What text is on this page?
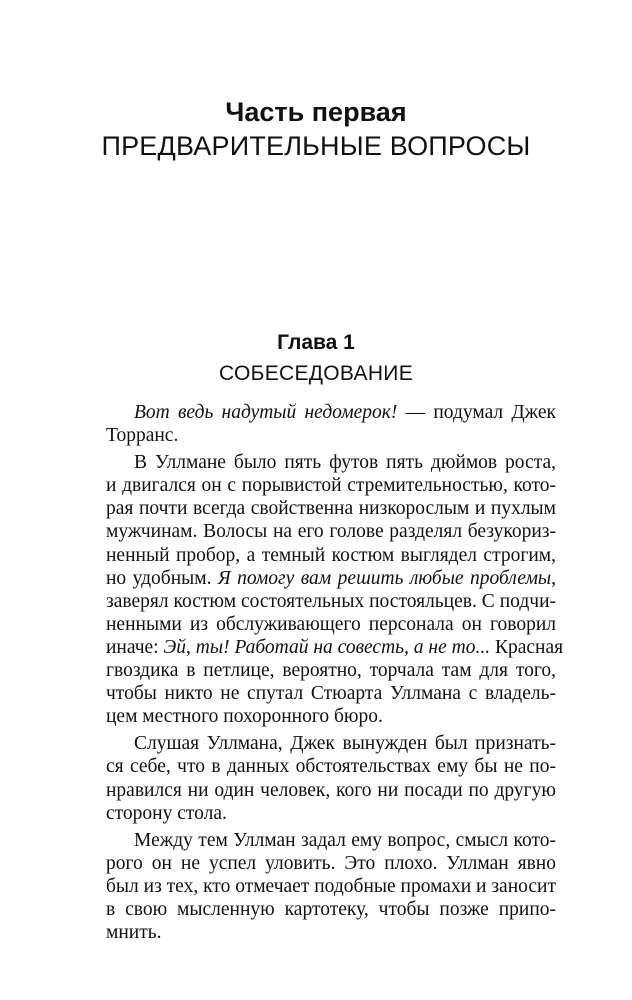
Часть первая
ПРЕДВАРИТЕЛЬНЫЕ ВОПРОСЫ
Глава 1
СОБЕСЕДОВАНИЕ

Вот ведь надутый недомерок! — подумал Джек
Торранс.

В Уллмане было пять футов пять дюймов роста,
и двигался он с порывистой стремительностью, кото-
рая почти всегда свойственна низкорослым и пухлым
мужчинам. Волосы на его голове разделял безукориз-
ненный пробор, а темный костюм выглядел строгим,
но удобным. Я помогу вам решить любые проблемы,
заверял костюм состоятельных постояльцев. С подчи-
ненными из обслуживающего персонала он говорил
иначе: Эй, ты! Работай на совесть, а не то... Красная
гвоздика в петлице, вероятно, торчала там для того,
чтобы никто не спутал Стюарта Уллмана с владель-
цем местного похоронного бюро.

Слушая Уллмана, Джек вынужден был признать-
ся себе, что в данных обстоятельствах ему бы не по-
нравился ни один человек, кого ни посади по другую
сторону стола.

Между тем Уллман задал ему вопрос, смысл кото-
рого он не успел уловить. Это плохо. Уллман явно
был из тех, кто отмечает подобные промахи и заносит
в свою мысленную картотеку, чтобы позже припо-
мнить.
